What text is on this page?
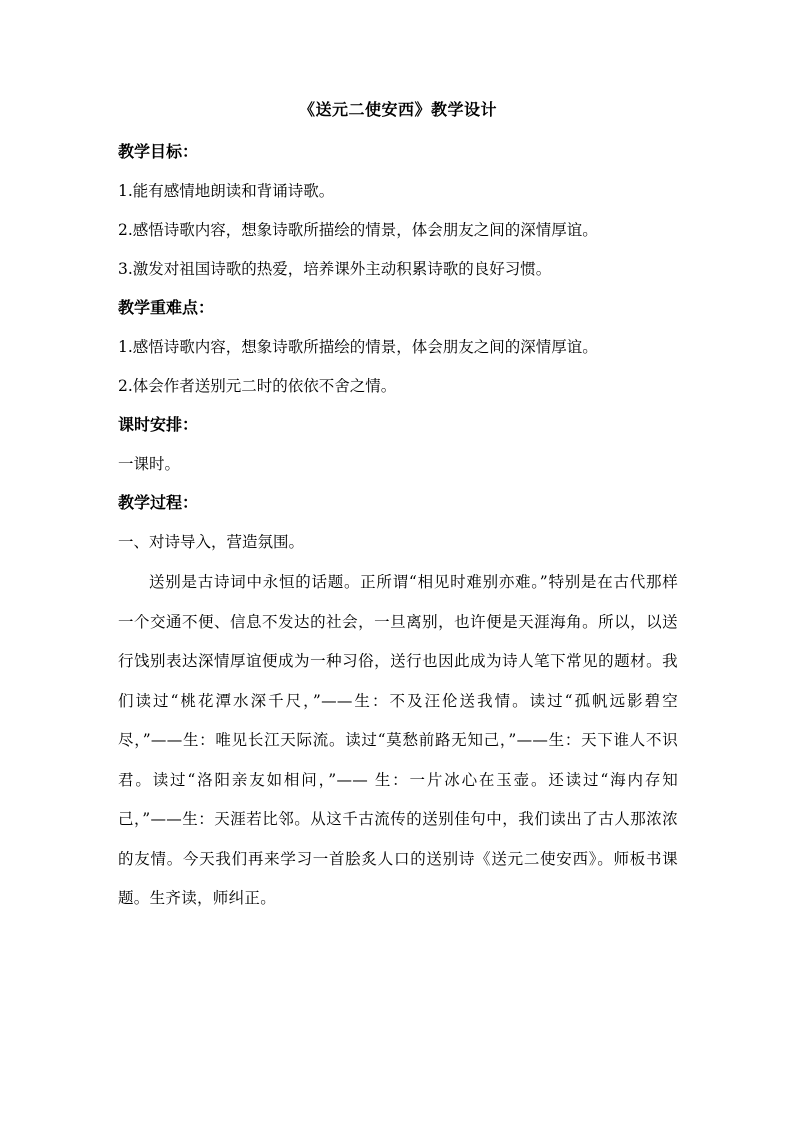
《送元二使安西》教学设计
教学目标：
1.能有感情地朗读和背诵诗歌。
2.感悟诗歌内容，想象诗歌所描绘的情景，体会朋友之间的深情厚谊。
3.激发对祖国诗歌的热爱，培养课外主动积累诗歌的良好习惯。
教学重难点：
1.感悟诗歌内容，想象诗歌所描绘的情景，体会朋友之间的深情厚谊。
2.体会作者送别元二时的依依不舍之情。
课时安排：
一课时。
教学过程：
一、对诗导入，营造氛围。
送别是古诗词中永恒的话题。正所谓“相见时难别亦难。”特别是在古代那样一个交通不便、信息不发达的社会，一旦离别，也许便是天涯海角。所以，以送行饯别表达深情厚谊便成为一种习俗，送行也因此成为诗人笔下常见的题材。我们读过“桃花潭水深千尺，”——生：不及汪伦送我情。读过“孤帆远影碧空尽，”——生：唯见长江天际流。读过“莫愁前路无知己，”——生：天下谁人不识君。读过“洛阳亲友如相问，”—— 生：一片冰心在玉壶。还读过“海内存知己，”——生：天涯若比邻。从这千古流传的送别佳句中，我们读出了古人那浓浓的友情。今天我们再来学习一首脍炙人口的送别诗《送元二使安西》。师板书课题。生齐读，师纠正。
